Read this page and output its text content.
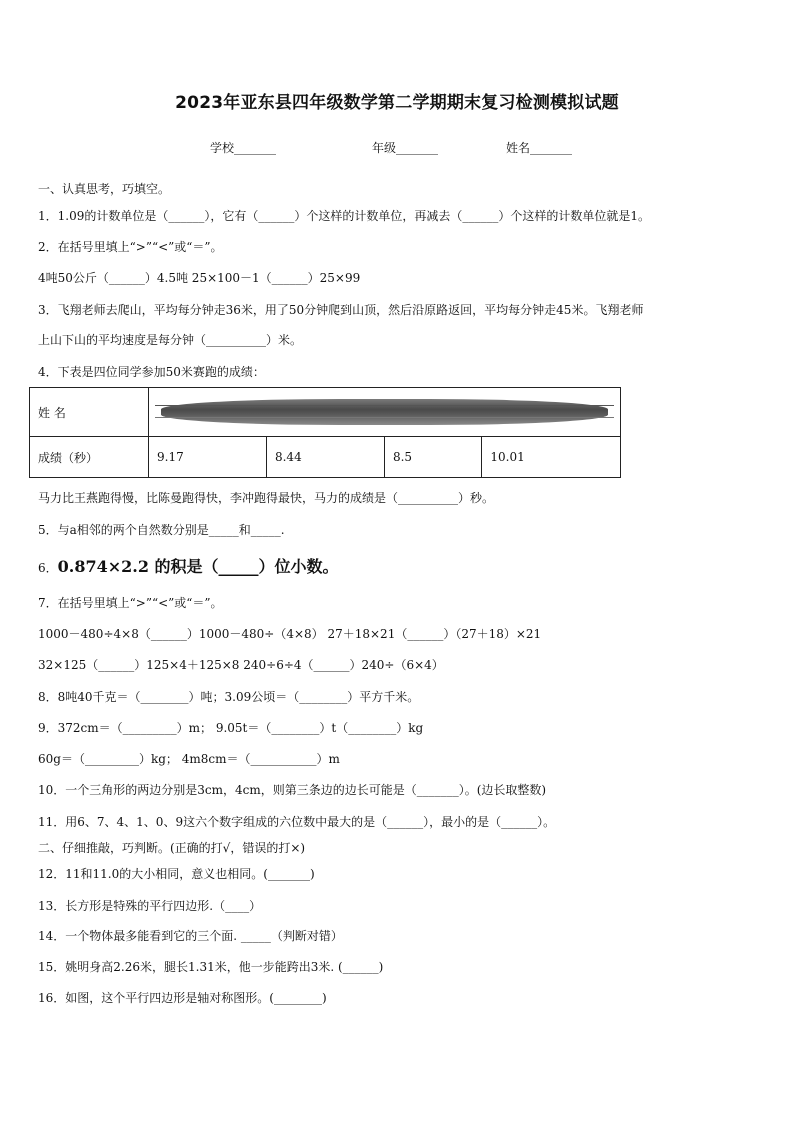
2023年亚东县四年级数学第二学期期末复习检测模拟试题
学校_______	年级_______	姓名_______
一、认真思考，巧填空。
1．1.09的计数单位是（______），它有（______）个这样的计数单位，再减去（______）个这样的计数单位就是1。
2．在括号里填上“>”“<”或“＝”。
4吨50公斤（______）4.5吨 25×100－1（______）25×99
3．飞翔老师去爬山，平均每分钟走36米，用了50分钟爬到山顶，然后沿原路返回，平均每分钟走45米。飞翔老师
上山下山的平均速度是每分钟（__________）米。
4．下表是四位同学参加50米赛跑的成绩：
姓 名				

成绩（秒）	9.17	8.44	8.5	10.01
马力比王燕跑得慢，比陈曼跑得快，李冲跑得最快，马力的成绩是（__________）秒。
5．与a相邻的两个自然数分别是_____和_____.
6．0.874×2.2 的积是（_____）位小数。
7．在括号里填上“>”“<”或“＝”。
1000－480÷4×8（______）1000－480÷（4×8） 27＋18×21（______）（27＋18）×21
32×125（______）125×4＋125×8 240÷6÷4（______）240÷（6×4）
8．8吨40千克＝（________）吨；3.09公顷＝（________）平方千米。
9．372cm＝（_________）m； 9.05t＝（________）t（________）kg
60g＝（_________）kg； 4m8cm＝（___________）m
10．一个三角形的两边分别是3cm，4cm，则第三条边的边长可能是（_______）。(边长取整数)
11．用6、7、4、1、0、9这六个数字组成的六位数中最大的是（______），最小的是（______）。
二、仔细推敲，巧判断。(正确的打√，错误的打×)
12．11和11.0的大小相同，意义也相同。(_______)
13．长方形是特殊的平行四边形.（____）
14．一个物体最多能看到它的三个面. _____（判断对错）
15．姚明身高2.26米，腿长1.31米，他一步能跨出3米. (______)
16．如图，这个平行四边形是轴对称图形。(________)
